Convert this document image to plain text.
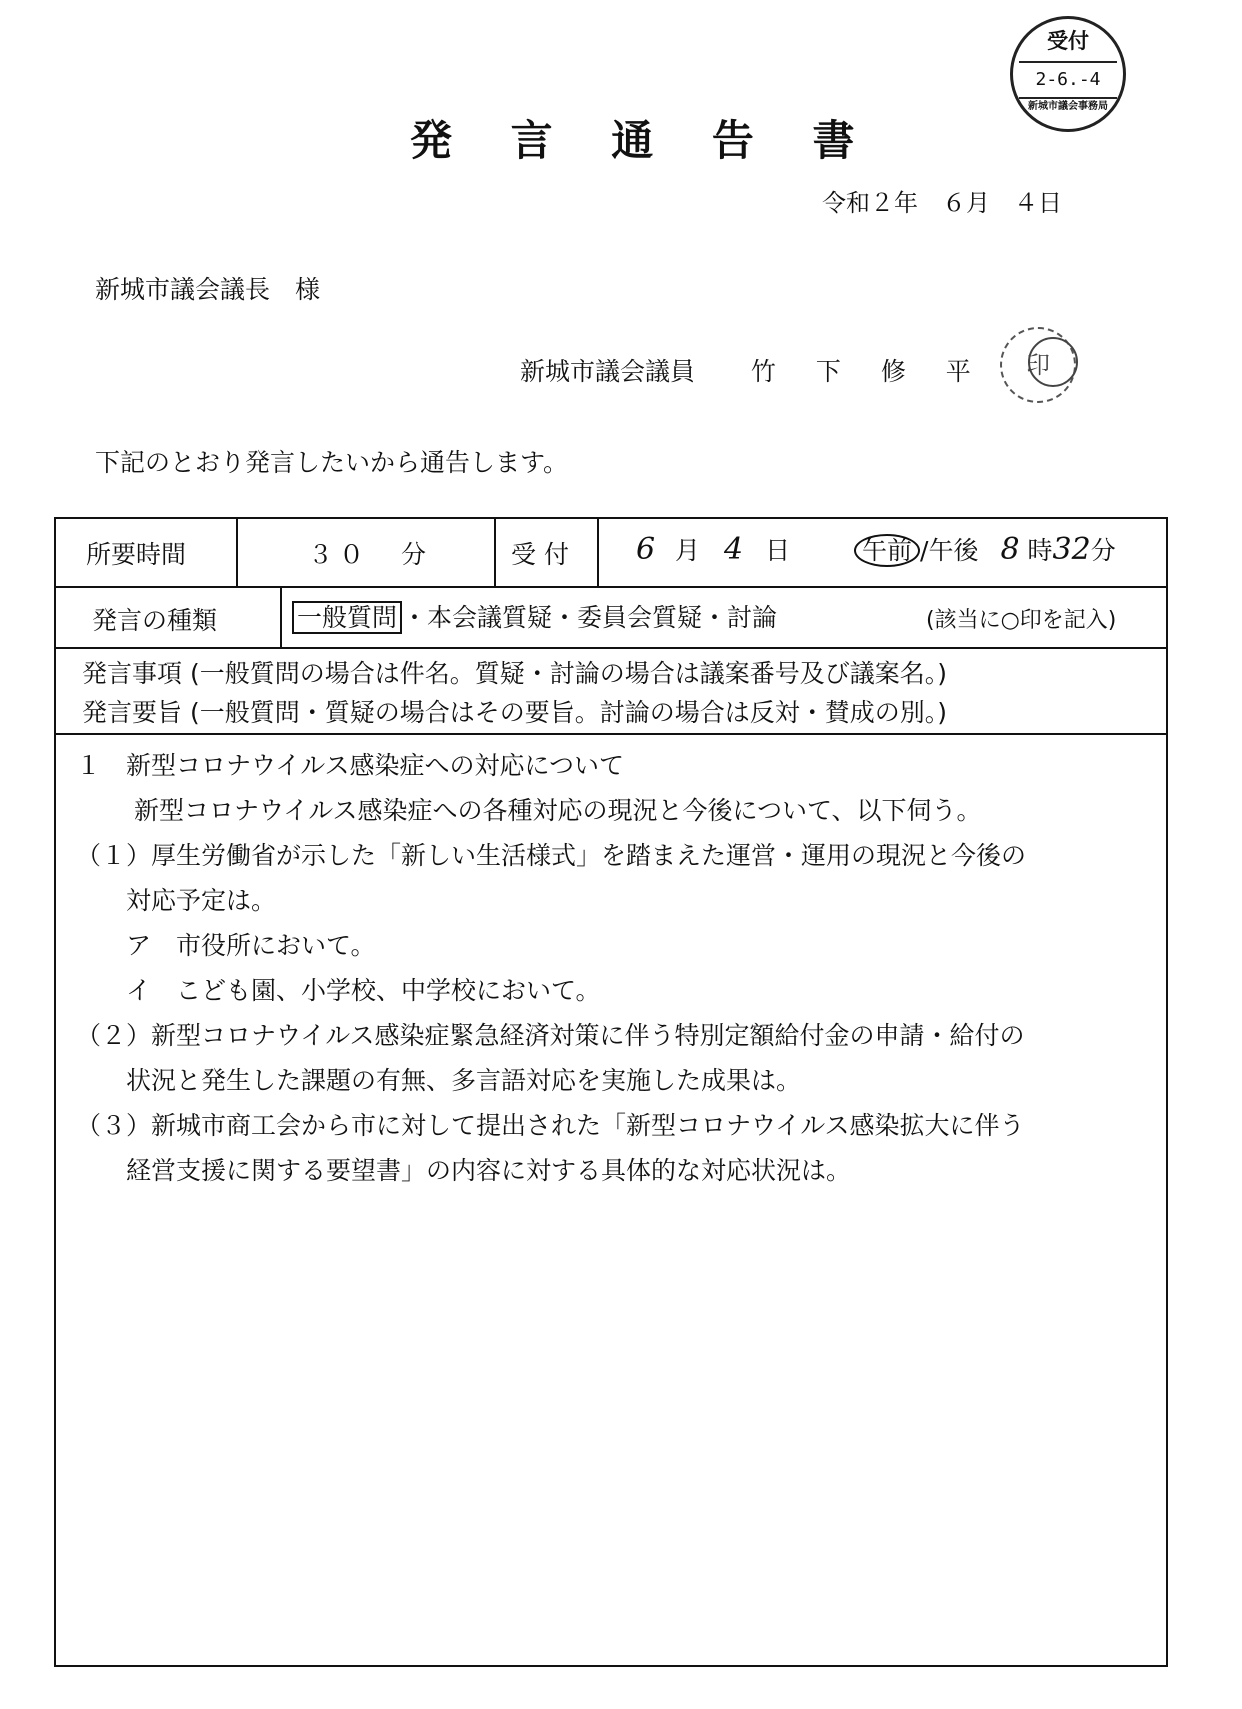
発 言 通 告 書
令和２年　６月　４日
新城市議会議長　様
新城市議会議員 竹 下 修 平	印
受付
2-6.-4
新城市議会事務局
下記のとおり発言したいから通告します。
所要時間	３０　分	受 付 6 月 4 日	午前 /午後 8 時32分
発言の種類	一般質問 ・本会議質疑・委員会質疑・討論	(該当に○印を記入)
発言事項 (一般質問の場合は件名。質疑・討論の場合は議案番号及び議案名。)
発言要旨 (一般質問・質疑の場合はその要旨。討論の場合は反対・賛成の別。)
１　新型コロナウイルス感染症への対応について
　　 新型コロナウイルス感染症への各種対応の現況と今後について、以下伺う。
（１）厚生労働省が示した「新しい生活様式」を踏まえた運営・運用の現況と今後の
　　対応予定は。
　　ア　市役所において。
　　イ　こども園、小学校、中学校において。
（２）新型コロナウイルス感染症緊急経済対策に伴う特別定額給付金の申請・給付の
　　状況と発生した課題の有無、多言語対応を実施した成果は。
（３）新城市商工会から市に対して提出された「新型コロナウイルス感染拡大に伴う
　　経営支援に関する要望書」の内容に対する具体的な対応状況は。
